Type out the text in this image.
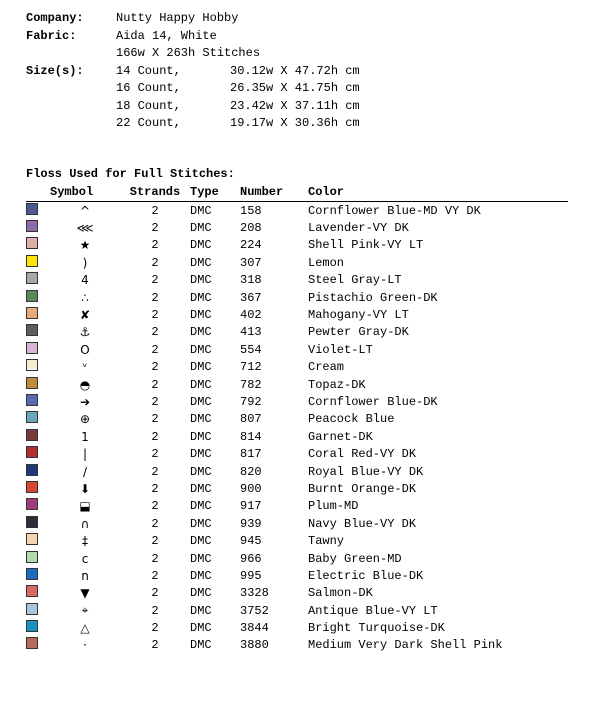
Company:	Nutty Happy Hobby
Fabric:	Aida 14, White
166w X 263h Stitches
Size(s):	14 Count,	30.12w X 47.72h cm
16 Count,	26.35w X 41.75h cm
18 Count,	23.42w X 37.11h cm
22 Count,	19.17w X 30.36h cm
Floss Used for Full Stitches:
Symbol	Strands Type	Number	Color
^	2	DMC	158	Cornflower Blue-MD VY DK
⋘	2	DMC	208	Lavender-VY DK
★	2	DMC	224	Shell Pink-VY LT
)	2	DMC	307	Lemon
4	2	DMC	318	Steel Gray-LT
∴	2	DMC	367	Pistachio Green-DK
✘	2	DMC	402	Mahogany-VY LT
⚓	2	DMC	413	Pewter Gray-DK
O	2	DMC	554	Violet-LT
ᵛ	2	DMC	712	Cream
◓	2	DMC	782	Topaz-DK
➔	2	DMC	792	Cornflower Blue-DK
⊕	2	DMC	807	Peacock Blue
1	2	DMC	814	Garnet-DK
|	2	DMC	817	Coral Red-VY DK
/	2	DMC	820	Royal Blue-VY DK
⬇	2	DMC	900	Burnt Orange-DK
⬓	2	DMC	917	Plum-MD
∩	2	DMC	939	Navy Blue-VY DK
‡	2	DMC	945	Tawny
c	2	DMC	966	Baby Green-MD
n	2	DMC	995	Electric Blue-DK
▼	2	DMC	3328	Salmon-DK
⌖	2	DMC	3752	Antique Blue-VY LT
△	2	DMC	3844	Bright Turquoise-DK
·	2	DMC	3880	Medium Very Dark Shell Pink
